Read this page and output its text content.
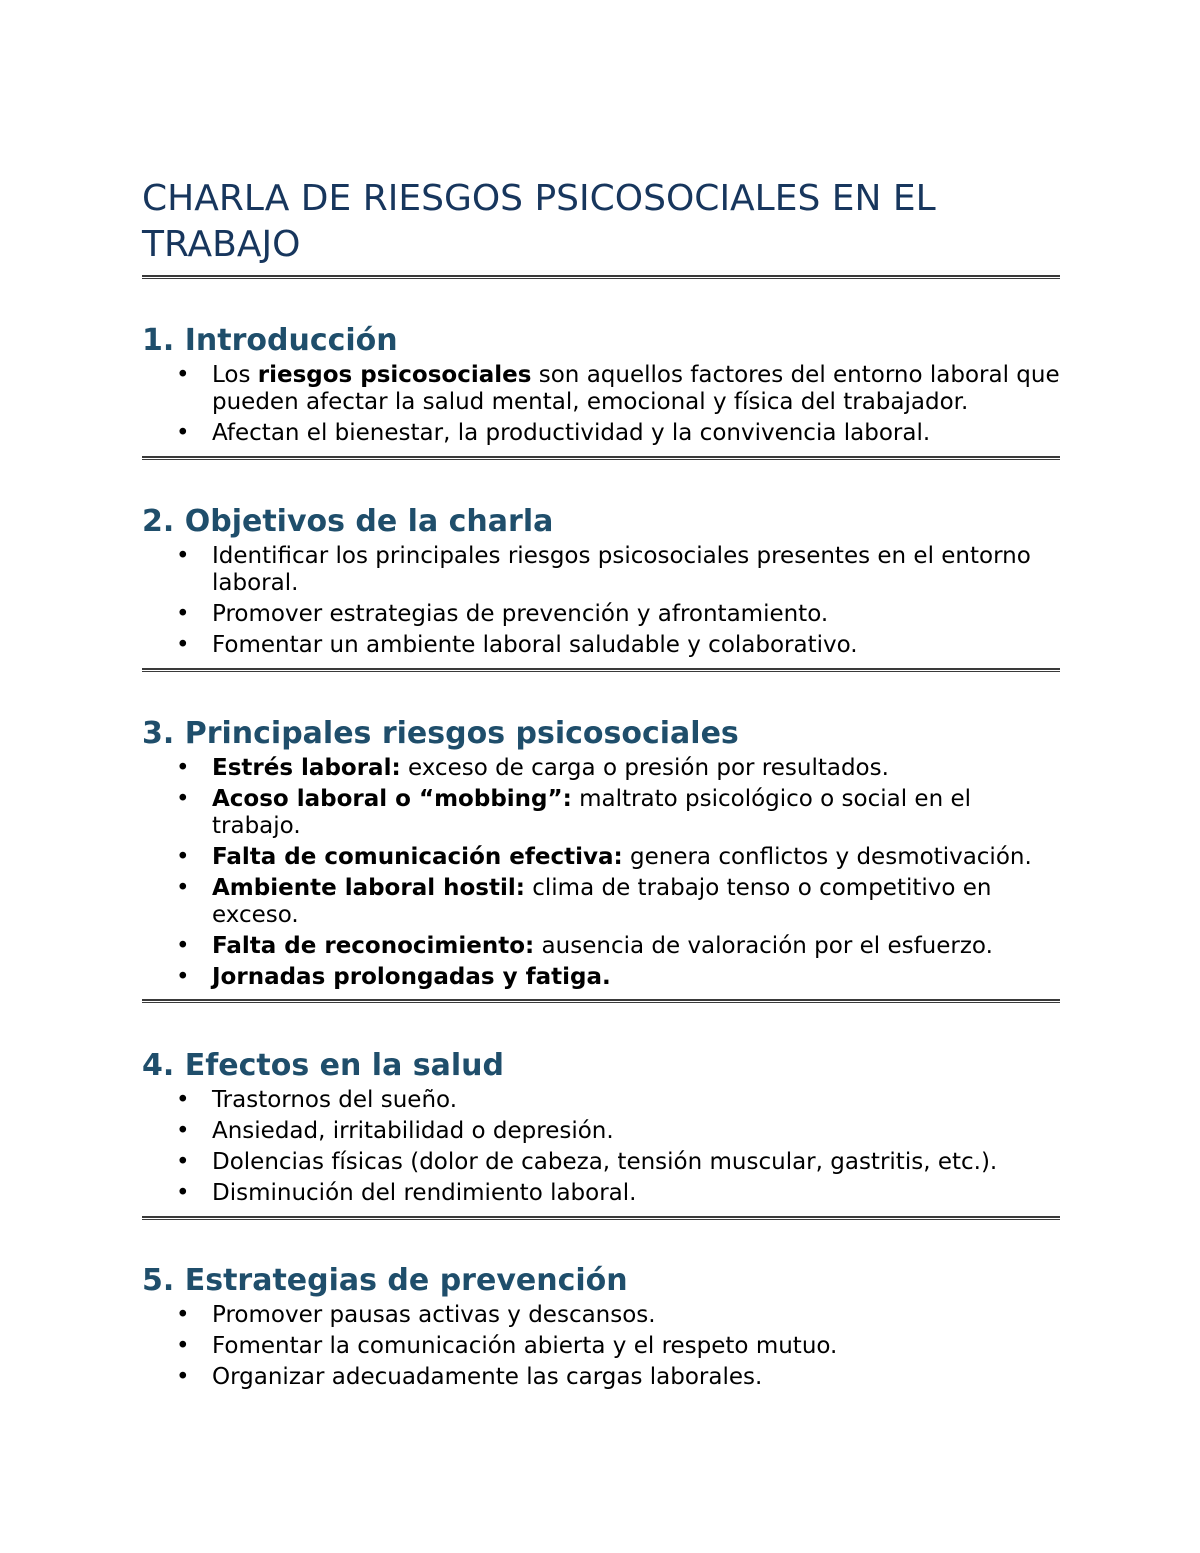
CHARLA DE RIESGOS PSICOSOCIALES EN EL TRABAJO
1. Introducción
• Los riesgos psicosociales son aquellos factores del entorno laboral que pueden afectar la salud mental, emocional y física del trabajador.
• Afectan el bienestar, la productividad y la convivencia laboral.
2. Objetivos de la charla
• Identificar los principales riesgos psicosociales presentes en el entorno laboral.
• Promover estrategias de prevención y afrontamiento.
• Fomentar un ambiente laboral saludable y colaborativo.
3. Principales riesgos psicosociales
• Estrés laboral: exceso de carga o presión por resultados.
• Acoso laboral o “mobbing”: maltrato psicológico o social en el trabajo.
• Falta de comunicación efectiva: genera conflictos y desmotivación.
• Ambiente laboral hostil: clima de trabajo tenso o competitivo en exceso.
• Falta de reconocimiento: ausencia de valoración por el esfuerzo.
• Jornadas prolongadas y fatiga.
4. Efectos en la salud
• Trastornos del sueño.
• Ansiedad, irritabilidad o depresión.
• Dolencias físicas (dolor de cabeza, tensión muscular, gastritis, etc.).
• Disminución del rendimiento laboral.
5. Estrategias de prevención
• Promover pausas activas y descansos.
• Fomentar la comunicación abierta y el respeto mutuo.
• Organizar adecuadamente las cargas laborales.
